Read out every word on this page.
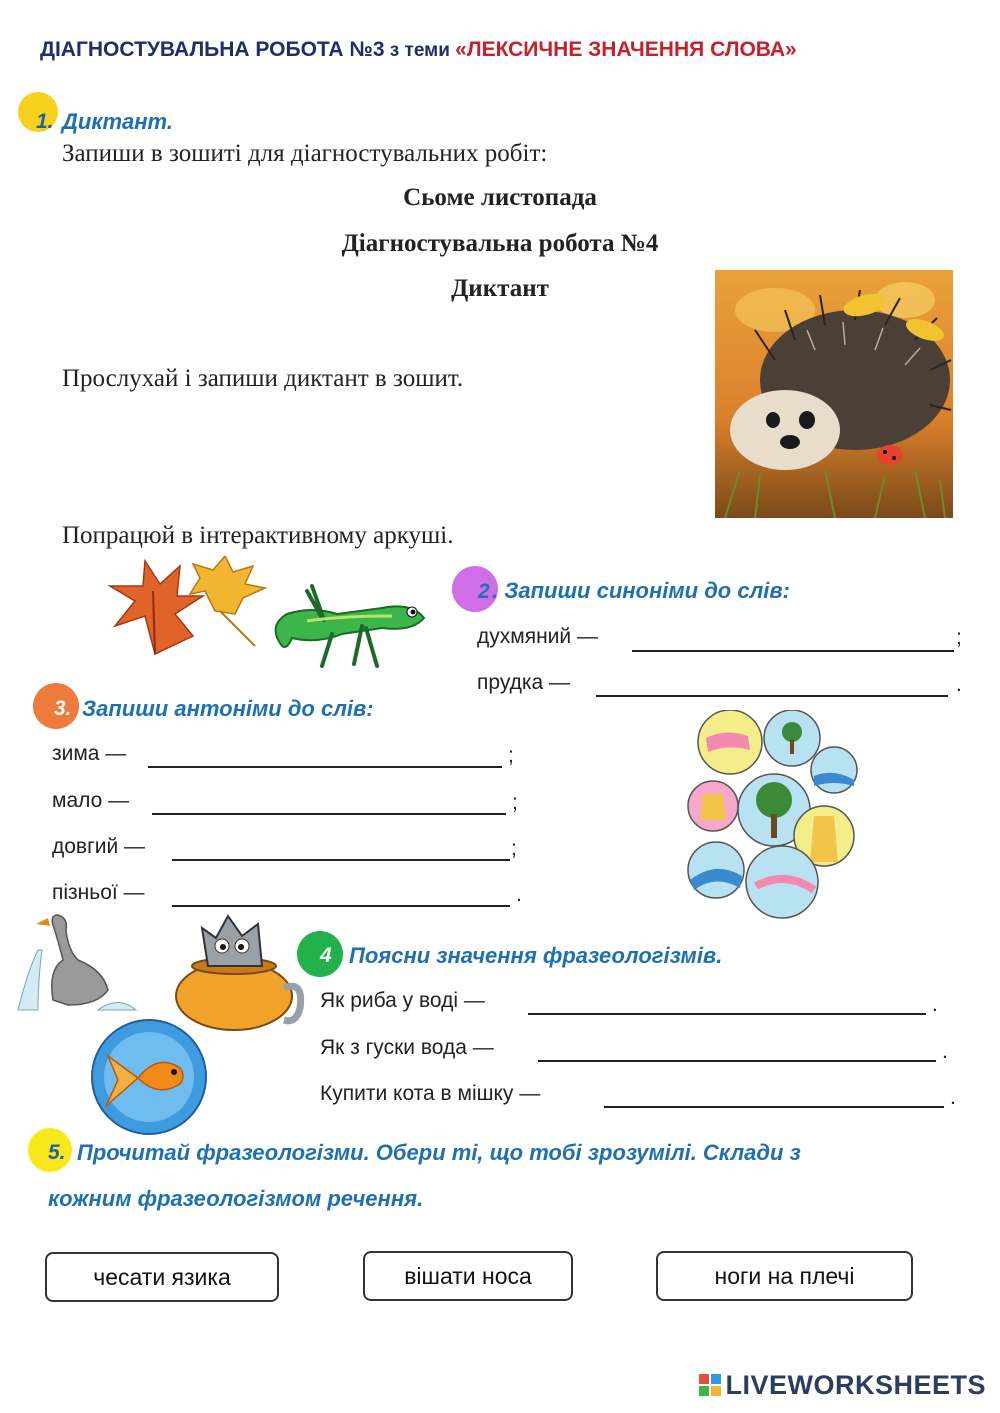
ДІАГНОСТУВАЛЬНА РОБОТА №3 з теми «ЛЕКСИЧНЕ ЗНАЧЕННЯ СЛОВА»
1. Диктант.
Запиши в зошиті для діагностувальних робіт:
Сьоме листопада
Діагностувальна робота №4
Диктант
Прослухай і запиши диктант в зошит.
Попрацюй в інтерактивному аркуші.
2 . Запиши синоніми до слів:
духмяний —	;
прудка —	.
3. Запиши антоніми до слів:
зима —	;
мало —	;
довгий —	;
пізньої —	.
4 Поясни значення фразеологізмів.
Як риба у воді —	.
Як з гуски вода —	.
Купити кота в мішку —	.
5. Прочитай фразеологізми. Обери ті, що тобі зрозумілі. Склади з
кожним фразеологізмом речення.
чесати язика	вішати носа	ноги на плечі
LIVEWORKSHEETS
